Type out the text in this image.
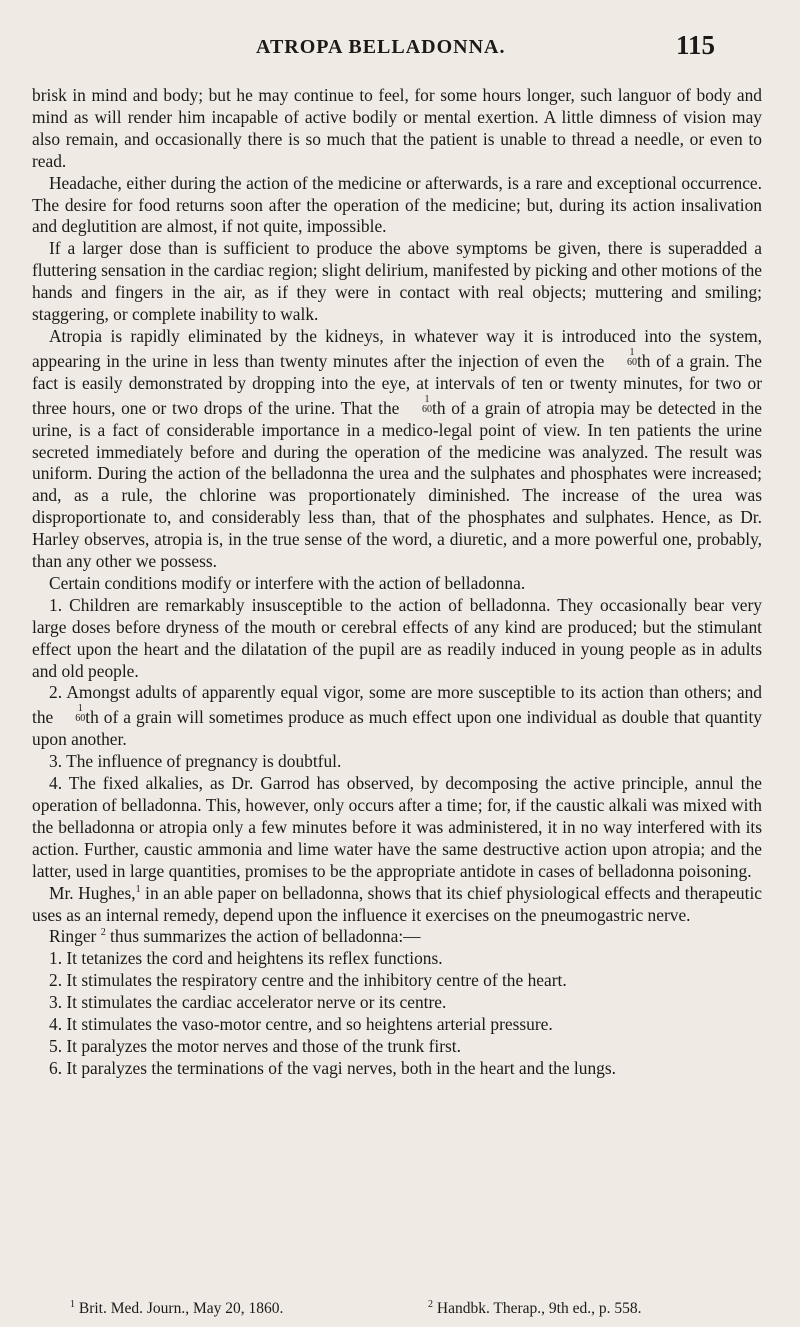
ATROPA BELLADONNA.	115

brisk in mind and body; but he may continue to feel, for some hours longer, such languor of body and mind as will render him incapable of active bodily or mental exertion. A little dimness of vision may also remain, and occasionally there is so much that the patient is unable to thread a needle, or even to read.

Headache, either during the action of the medicine or afterwards, is a rare and exceptional occurrence. The desire for food returns soon after the operation of the medicine; but, during its action insalivation and deglutition are almost, if not quite, impossible.

If a larger dose than is sufficient to produce the above symptoms be given, there is superadded a fluttering sensation in the cardiac region; slight delirium, manifested by picking and other motions of the hands and fingers in the air, as if they were in contact with real objects; muttering and smiling; staggering, or complete inability to walk.

Atropia is rapidly eliminated by the kidneys, in whatever way it is introduced into the system, appearing in the urine in less than twenty minutes after the injection of even the	1
60 th of a grain. The fact is easily demonstrated by dropping into the eye, at intervals of ten or twenty minutes, for two or three hours, one or two drops of the urine. That the	1
60 th of a grain of atropia may be detected in the urine, is a fact of considerable importance in a medico-legal point of view. In ten patients the urine secreted immediately before and during the operation of the medicine was analyzed. The result was uniform. During the action of the belladonna the urea and the sulphates and phosphates were increased; and, as a rule, the chlorine was proportionately diminished. The increase of the urea was disproportionate to, and considerably less than, that of the phosphates and sulphates. Hence, as Dr. Harley observes, atropia is, in the true sense of the word, a diuretic, and a more powerful one, probably, than any other we possess.

Certain conditions modify or interfere with the action of belladonna.

1. Children are remarkably insusceptible to the action of belladonna. They occasionally bear very large doses before dryness of the mouth or cerebral effects of any kind are produced; but the stimulant effect upon the heart and the dilatation of the pupil are as readily induced in young people as in adults and old people.

2. Amongst adults of apparently equal vigor, some are more susceptible to its action than others; and the	1
60 th of a grain will sometimes produce as much effect upon one individual as double that quantity upon another.

3. The influence of pregnancy is doubtful.

4. The fixed alkalies, as Dr. Garrod has observed, by decomposing the active principle, annul the operation of belladonna. This, however, only occurs after a time; for, if the caustic alkali was mixed with the belladonna or atropia only a few minutes before it was administered, it in no way interfered with its action. Further, caustic ammonia and lime water have the same destructive action upon atropia; and the latter, used in large quantities, promises to be the appropriate antidote in cases of belladonna poisoning.

Mr. Hughes,$^1$ in an able paper on belladonna, shows that its chief physiological effects and therapeutic uses as an internal remedy, depend upon the influence it exercises on the pneumogastric nerve.

Ringer $^2$ thus summarizes the action of belladonna:—

1. It tetanizes the cord and heightens its reflex functions.

2. It stimulates the respiratory centre and the inhibitory centre of the heart.

3. It stimulates the cardiac accelerator nerve or its centre.

4. It stimulates the vaso-motor centre, and so heightens arterial pressure.

5. It paralyzes the motor nerves and those of the trunk first.

6. It paralyzes the terminations of the vagi nerves, both in the heart and the lungs.

$^1$ Brit. Med. Journ., May 20, 1860.	$^2$ Handbk. Therap., 9th ed., p. 558.
